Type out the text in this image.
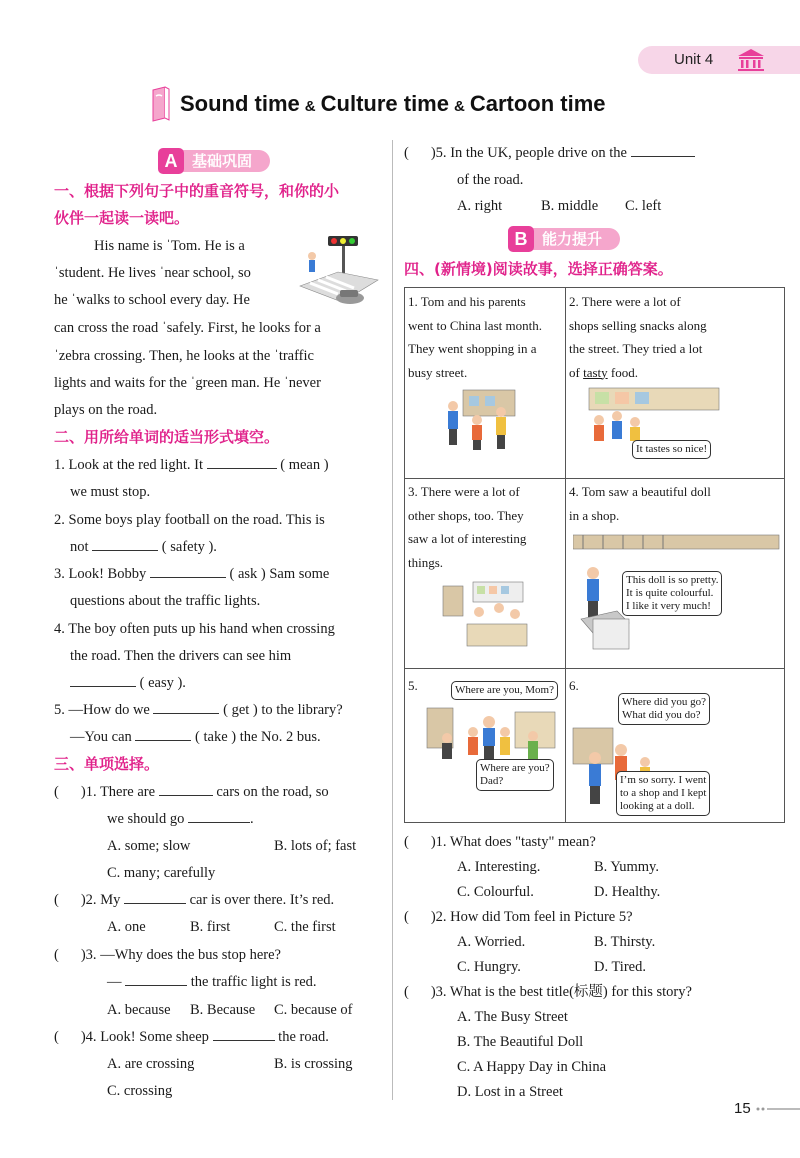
Unit 4
Sound time & Culture time & Cartoon time
A 基础巩固
一、根据下列句子中的重音符号，和你的小
伙伴一起读一读吧。
His name is ˈTom. He is a
ˈstudent. He lives ˈnear school, so
he ˈwalks to school every day. He
can cross the road ˈsafely. First, he looks for a
ˈzebra crossing. Then, he looks at the ˈtraffic
lights and waits for the ˈgreen man. He ˈnever
plays on the road.
二、用所给单词的适当形式填空。
1. Look at the red light. It	( mean )
we must stop.
2. Some boys play football on the road. This is
not	( safety ).
3. Look! Bobby	( ask ) Sam some
questions about the traffic lights.
4. The boy often puts up his hand when crossing
the road. Then the drivers can see him
( easy ).
5. —How do we	( get ) to the library?
—You can	( take ) the No. 2 bus.
三、单项选择。
( )1. There are	cars on the road, so
we should go	.
A. some; slow	B. lots of; fast
C. many; carefully
( )2. My	car is over there. It’s red.
A. one	B. first	C. the first
( )3. —Why does the bus stop here?
—	the traffic light is red.
A. because B. Because C. because of
( )4. Look! Some sheep	the road.
A. are crossing	B. is crossing
C. crossing
( )5. In the UK, people drive on the
of the road.
A. right	B. middle C. left
B 能力提升
四、(新情境)阅读故事，选择正确答案。
1. Tom and his parents
went to China last month.
They went shopping in a
busy street.
2. There were a lot of
shops selling snacks along
the street. They tried a lot
of tasty food.
It tastes so nice!
3. There were a lot of
other shops, too. They
saw a lot of interesting
things.
4. Tom saw a beautiful doll
in a shop.
This doll is so pretty.
It is quite colourful.
I like it very much!
5.	Where are you, Mom?
Where are you?
Dad?
6.
Where did you go?
What did you do?
I’m so sorry. I went
to a shop and I kept
looking at a doll.
( )1. What does "tasty" mean?
A. Interesting.	B. Yummy.
C. Colourful.	D. Healthy.
( )2. How did Tom feel in Picture 5?
A. Worried.	B. Thirsty.
C. Hungry.	D. Tired.
( )3. What is the best title(标题) for this story?
A. The Busy Street
B. The Beautiful Doll
C. A Happy Day in China
D. Lost in a Street
15
